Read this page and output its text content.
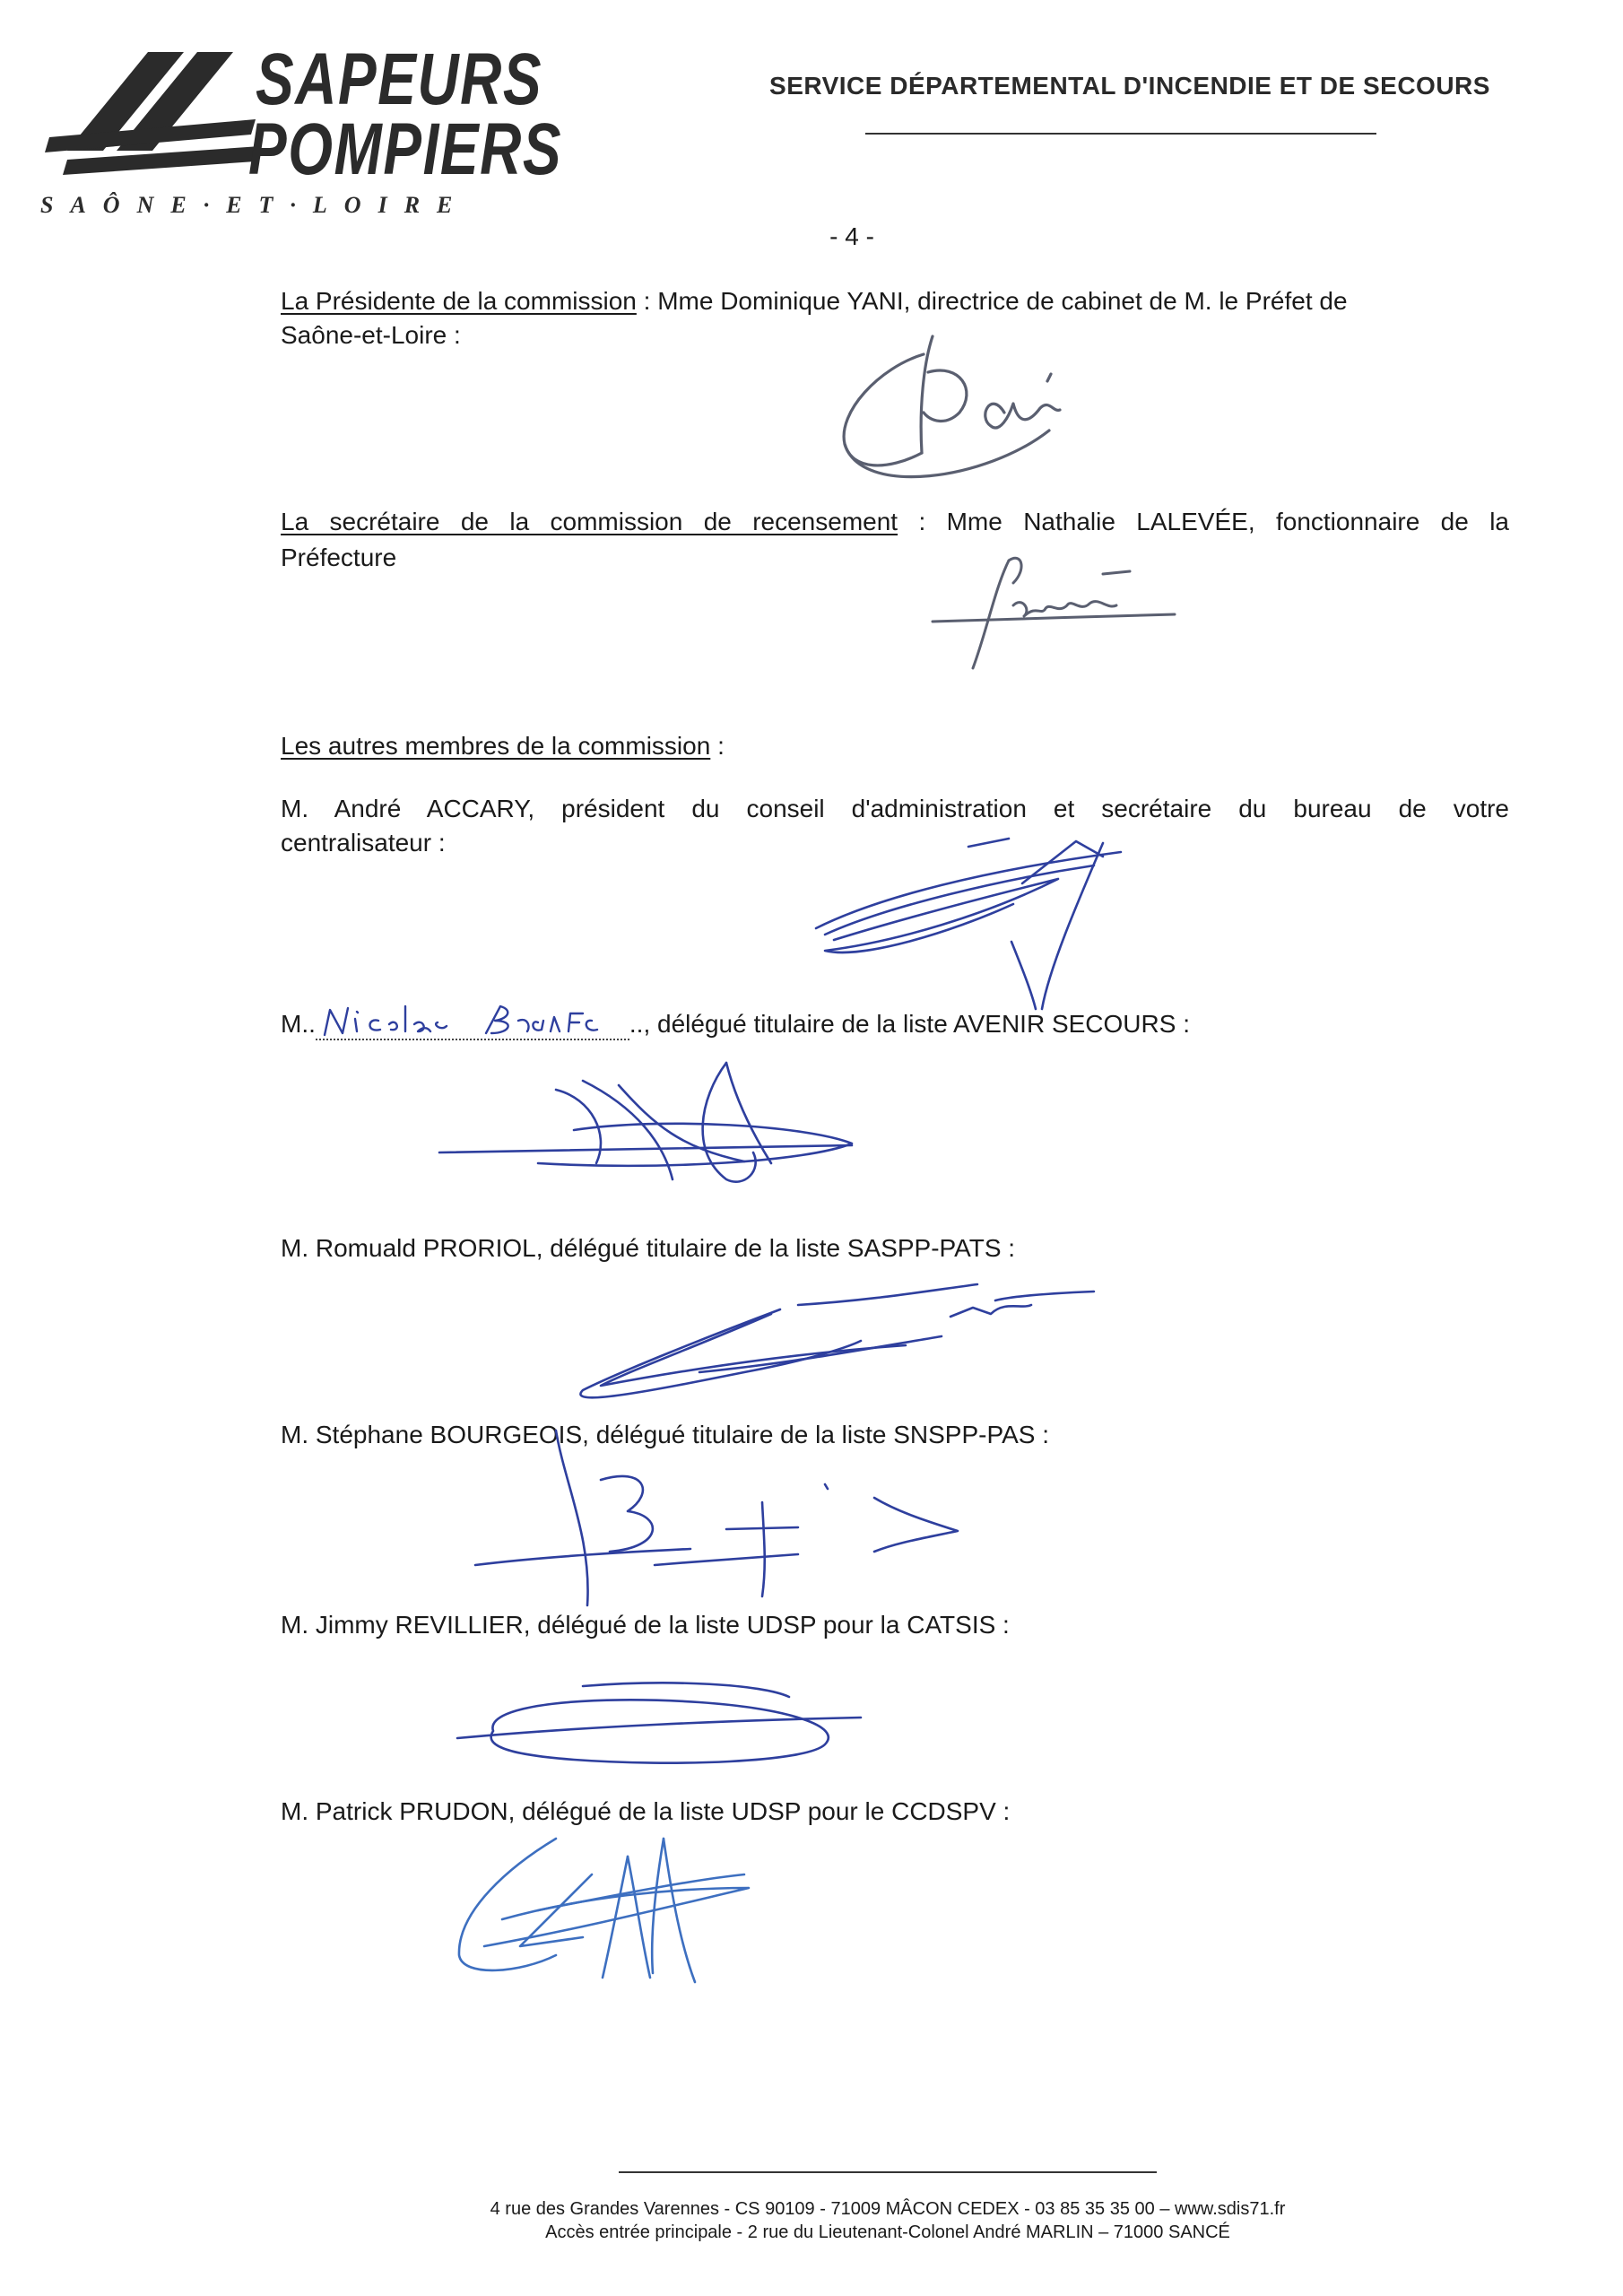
SAPEURS
POMPIERS
SAÔNE·ET·LOIRE
SERVICE DÉPARTEMENTAL D'INCENDIE ET DE SECOURS
- 4 -
La Présidente de la commission : Mme Dominique YANI, directrice de cabinet de M. le Préfet de
Saône-et-Loire :
La secrétaire de la commission de recensement : Mme Nathalie LALEVÉE, fonctionnaire de la
Préfecture
Les autres membres de la commission :
M. André ACCARY, président du conseil d'administration et secrétaire du bureau de votre
centralisateur :
M..	.., délégué titulaire de la liste AVENIR SECOURS :
M. Romuald PRORIOL, délégué titulaire de la liste SASPP-PATS :
M. Stéphane BOURGEOIS, délégué titulaire de la liste SNSPP-PAS :
M. Jimmy REVILLIER, délégué de la liste UDSP pour la CATSIS :
M. Patrick PRUDON, délégué de la liste UDSP pour le CCDSPV :
4 rue des Grandes Varennes - CS 90109 - 71009 MÂCON CEDEX - 03 85 35 35 00 – www.sdis71.fr
Accès entrée principale - 2 rue du Lieutenant-Colonel André MARLIN – 71000 SANCÉ
